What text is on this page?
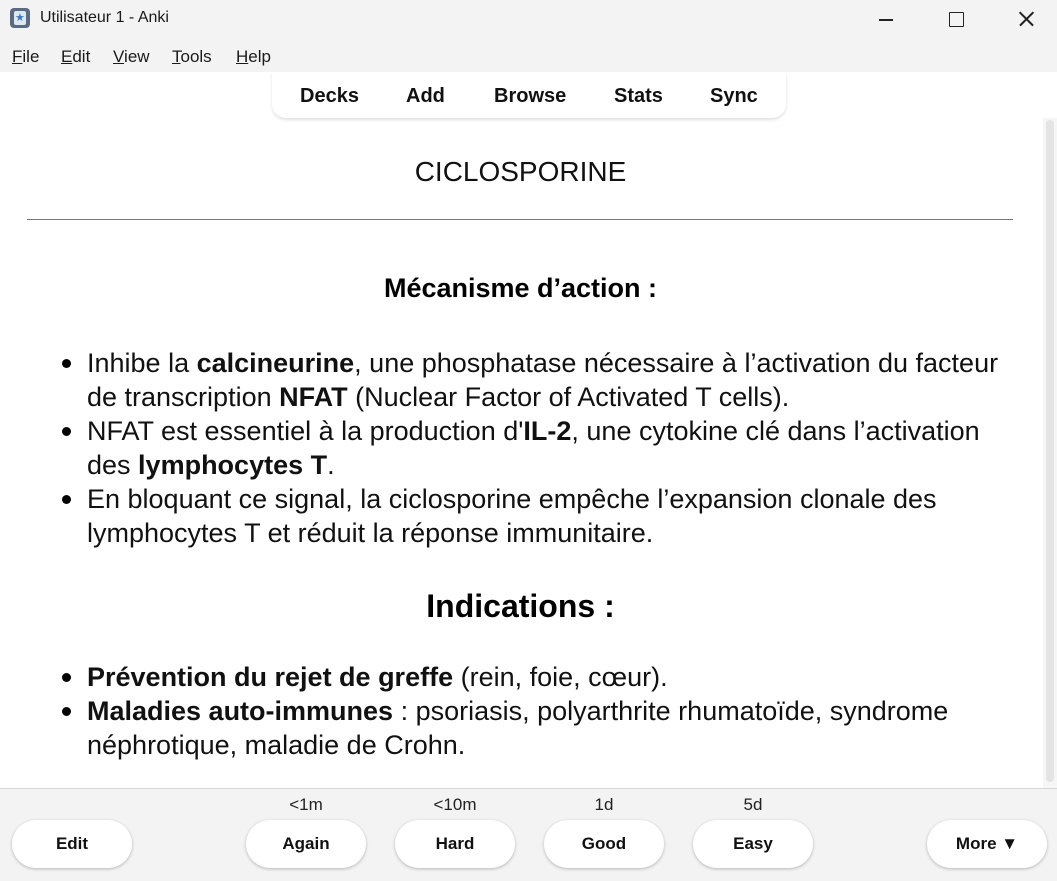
★
Utilisateur 1 - Anki
File Edit View Tools Help
Decks Add Browse Stats Sync
CICLOSPORINE
Mécanisme d’action :
Inhibe la calcineurine, une phosphatase nécessaire à l’activation du facteur de transcription NFAT (Nuclear Factor of Activated T cells).
NFAT est essentiel à la production d'IL-2, une cytokine clé dans l’activation des lymphocytes T.
En bloquant ce signal, la ciclosporine empêche l’expansion clonale des lymphocytes T et réduit la réponse immunitaire.
Indications :
Prévention du rejet de greffe (rein, foie, cœur).
Maladies auto-immunes : psoriasis, polyarthrite rhumatoïde, syndrome néphrotique, maladie de Crohn.
Edit
<1m
Again
<10m
Hard
1d
Good
5d
Easy	More ▼
